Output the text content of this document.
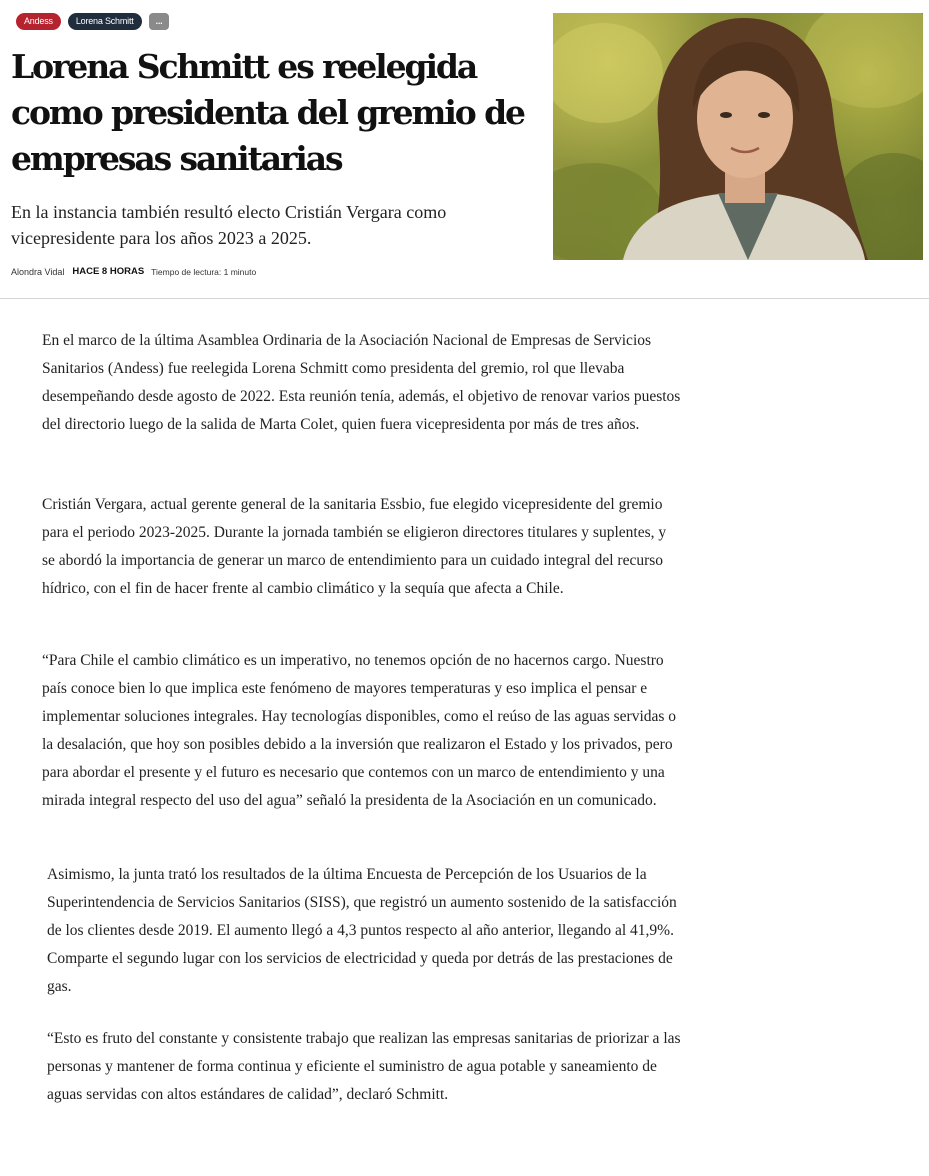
Andess	Lorena Schmitt	...
Lorena Schmitt es reelegida como presidenta del gremio de empresas sanitarias

En la instancia también resultó electo Cristián Vergara como vicepresidente para los años 2023 a 2025.

Alondra Vidal HACE 8 HORAS Tiempo de lectura: 1 minuto

En el marco de la última Asamblea Ordinaria de la Asociación Nacional de Empresas de Servicios Sanitarios (Andess) fue reelegida Lorena Schmitt como presidenta del gremio, rol que llevaba desempeñando desde agosto de 2022. Esta reunión tenía, además, el objetivo de renovar varios puestos del directorio luego de la salida de Marta Colet, quien fuera vicepresidenta por más de tres años.

Cristián Vergara, actual gerente general de la sanitaria Essbio, fue elegido vicepresidente del gremio para el periodo 2023-2025. Durante la jornada también se eligieron directores titulares y suplentes, y se abordó la importancia de generar un marco de entendimiento para un cuidado integral del recurso hídrico, con el fin de hacer frente al cambio climático y la sequía que afecta a Chile.

“Para Chile el cambio climático es un imperativo, no tenemos opción de no hacernos cargo. Nuestro país conoce bien lo que implica este fenómeno de mayores temperaturas y eso implica el pensar e implementar soluciones integrales. Hay tecnologías disponibles, como el reúso de las aguas servidas o la desalación, que hoy son posibles debido a la inversión que realizaron el Estado y los privados, pero para abordar el presente y el futuro es necesario que contemos con un marco de entendimiento y una mirada integral respecto del uso del agua” señaló la presidenta de la Asociación en un comunicado.

Asimismo, la junta trató los resultados de la última Encuesta de Percepción de los Usuarios de la Superintendencia de Servicios Sanitarios (SISS), que registró un aumento sostenido de la satisfacción de los clientes desde 2019. El aumento llegó a 4,3 puntos respecto al año anterior, llegando al 41,9%. Comparte el segundo lugar con los servicios de electricidad y queda por detrás de las prestaciones de gas.

“Esto es fruto del constante y consistente trabajo que realizan las empresas sanitarias de priorizar a las personas y mantener de forma continua y eficiente el suministro de agua potable y saneamiento de aguas servidas con altos estándares de calidad”, declaró Schmitt.
